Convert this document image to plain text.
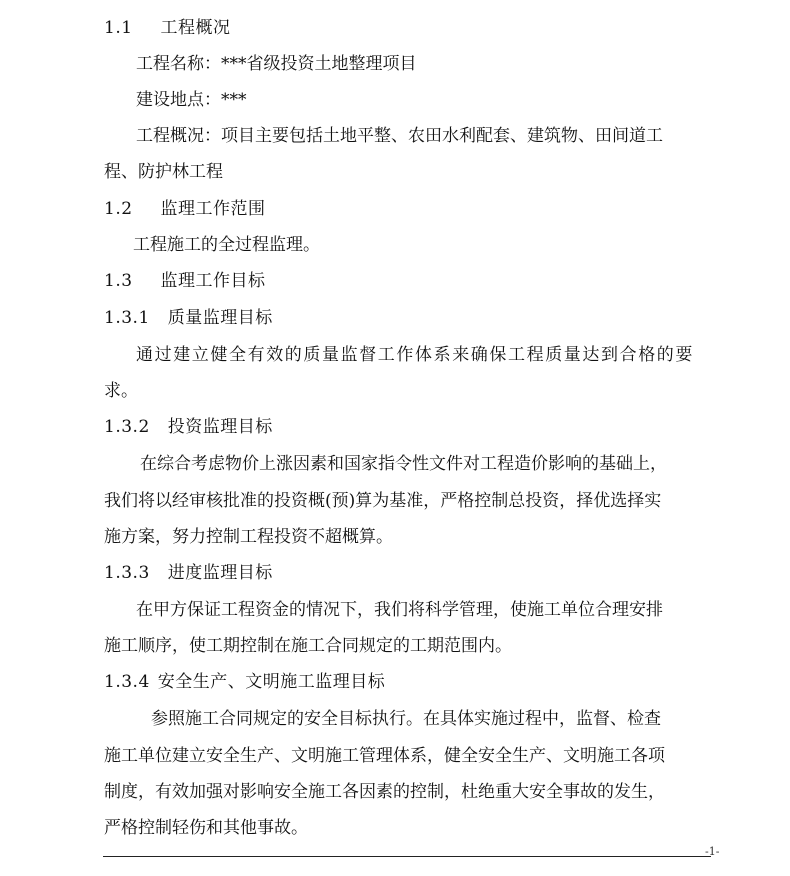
1.1 工程概况
工程名称：***省级投资土地整理项目
建设地点：***
工程概况：项目主要包括土地平整、农田水利配套、建筑物、田间道工
程、防护林工程
1.2 监理工作范围
工程施工的全过程监理。
1.3 监理工作目标
1.3.1 质量监理目标
通过建立健全有效的质量监督工作体系来确保工程质量达到合格的要
求。
1.3.2 投资监理目标
在综合考虑物价上涨因素和国家指令性文件对工程造价影响的基础上，
我们将以经审核批准的投资概(预)算为基准，严格控制总投资，择优选择实
施方案，努力控制工程投资不超概算。
1.3.3 进度监理目标
在甲方保证工程资金的情况下，我们将科学管理，使施工单位合理安排
施工顺序，使工期控制在施工合同规定的工期范围内。
1.3.4 安全生产、文明施工监理目标
参照施工合同规定的安全目标执行。在具体实施过程中，监督、检查
施工单位建立安全生产、文明施工管理体系，健全安全生产、文明施工各项
制度，有效加强对影响安全施工各因素的控制，杜绝重大安全事故的发生，
严格控制轻伤和其他事故。
-1-
